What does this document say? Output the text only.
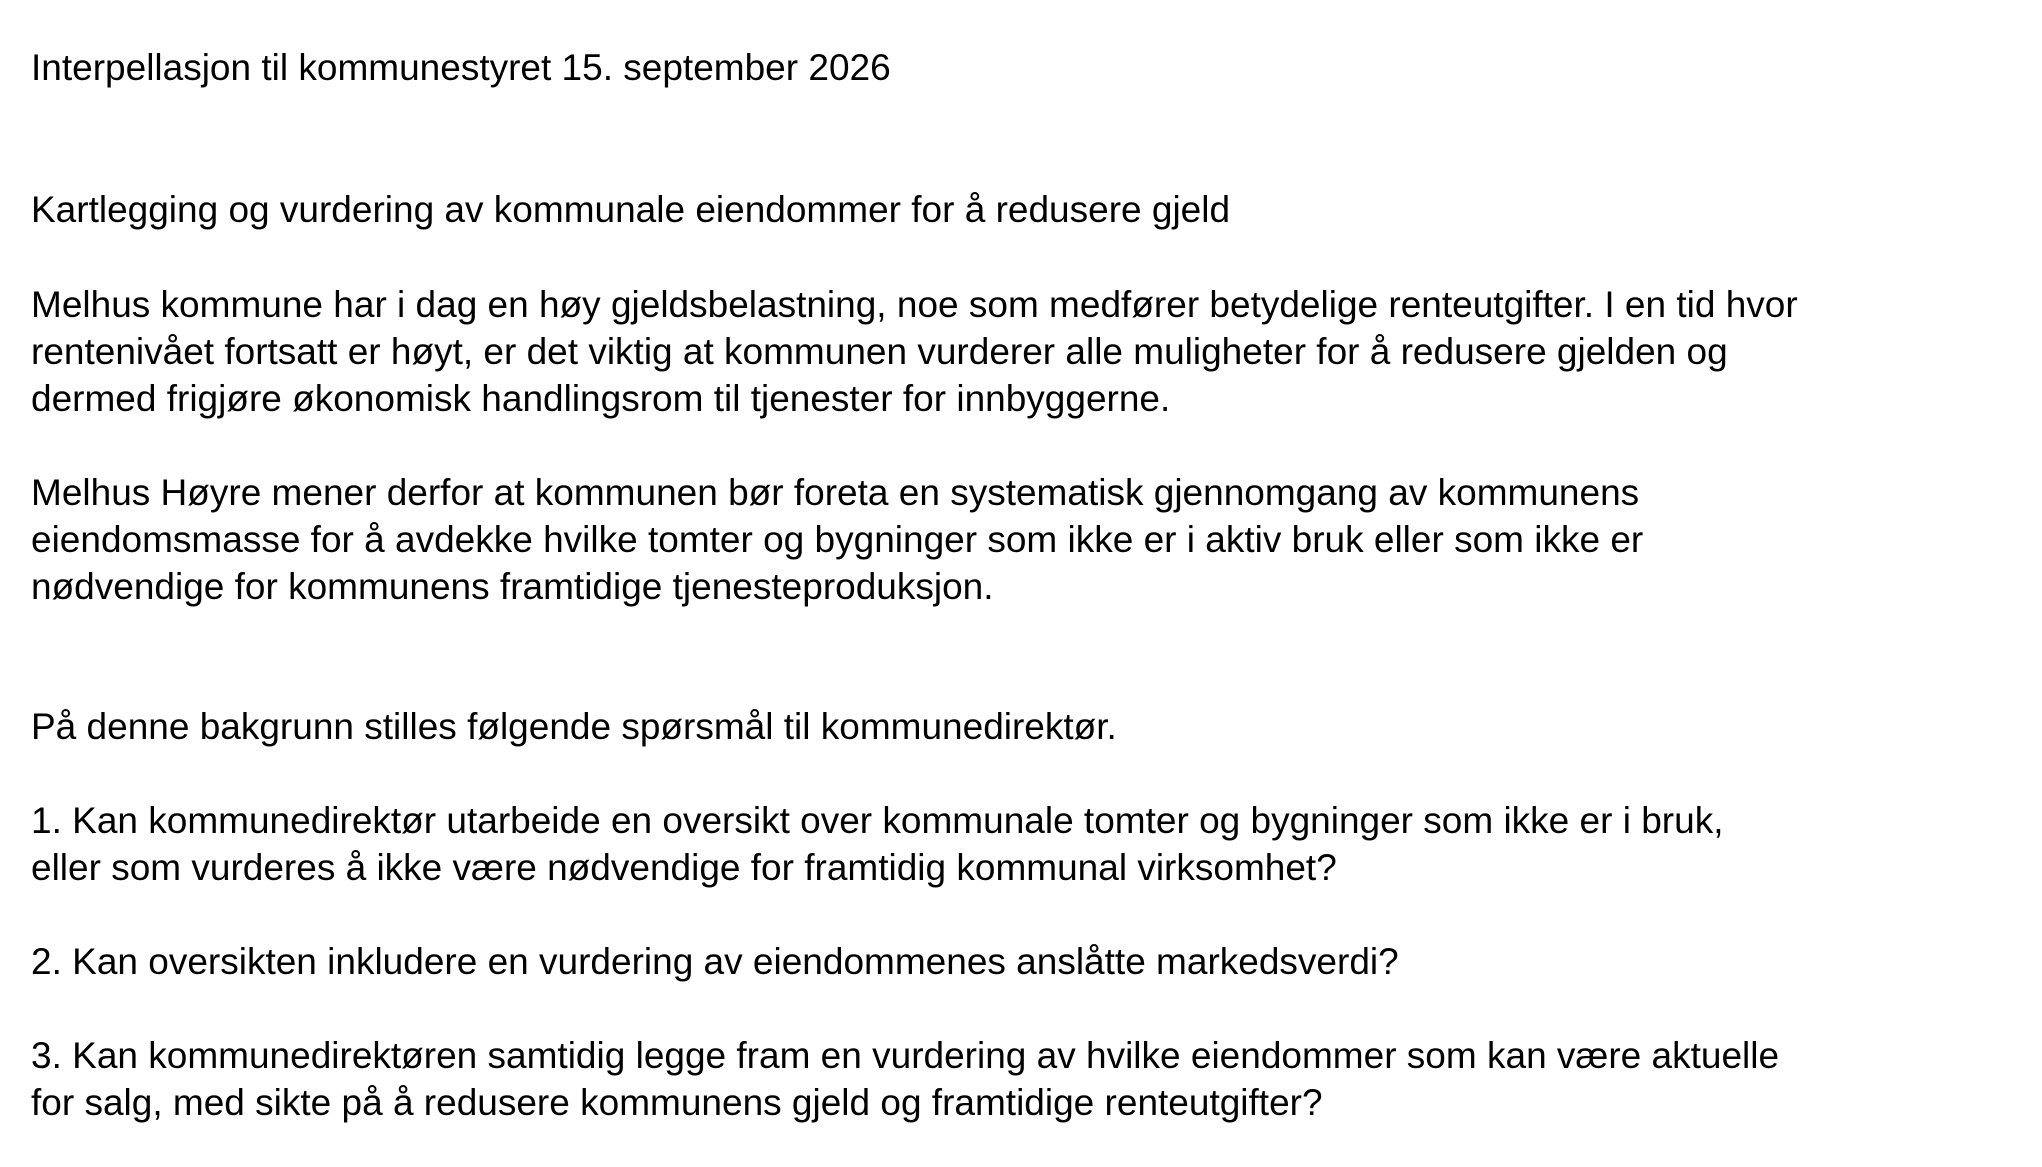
Interpellasjon til kommunestyret 15. september 2026
Kartlegging og vurdering av kommunale eiendommer for å redusere gjeld
Melhus kommune har i dag en høy gjeldsbelastning, noe som medfører betydelige renteutgifter. I en tid hvor
rentenivået fortsatt er høyt, er det viktig at kommunen vurderer alle muligheter for å redusere gjelden og
dermed frigjøre økonomisk handlingsrom til tjenester for innbyggerne.
Melhus Høyre mener derfor at kommunen bør foreta en systematisk gjennomgang av kommunens
eiendomsmasse for å avdekke hvilke tomter og bygninger som ikke er i aktiv bruk eller som ikke er
nødvendige for kommunens framtidige tjenesteproduksjon.
På denne bakgrunn stilles følgende spørsmål til kommunedirektør.
1. Kan kommunedirektør utarbeide en oversikt over kommunale tomter og bygninger som ikke er i bruk,
eller som vurderes å ikke være nødvendige for framtidig kommunal virksomhet?
2. Kan oversikten inkludere en vurdering av eiendommenes anslåtte markedsverdi?
3. Kan kommunedirektøren samtidig legge fram en vurdering av hvilke eiendommer som kan være aktuelle
for salg, med sikte på å redusere kommunens gjeld og framtidige renteutgifter?
